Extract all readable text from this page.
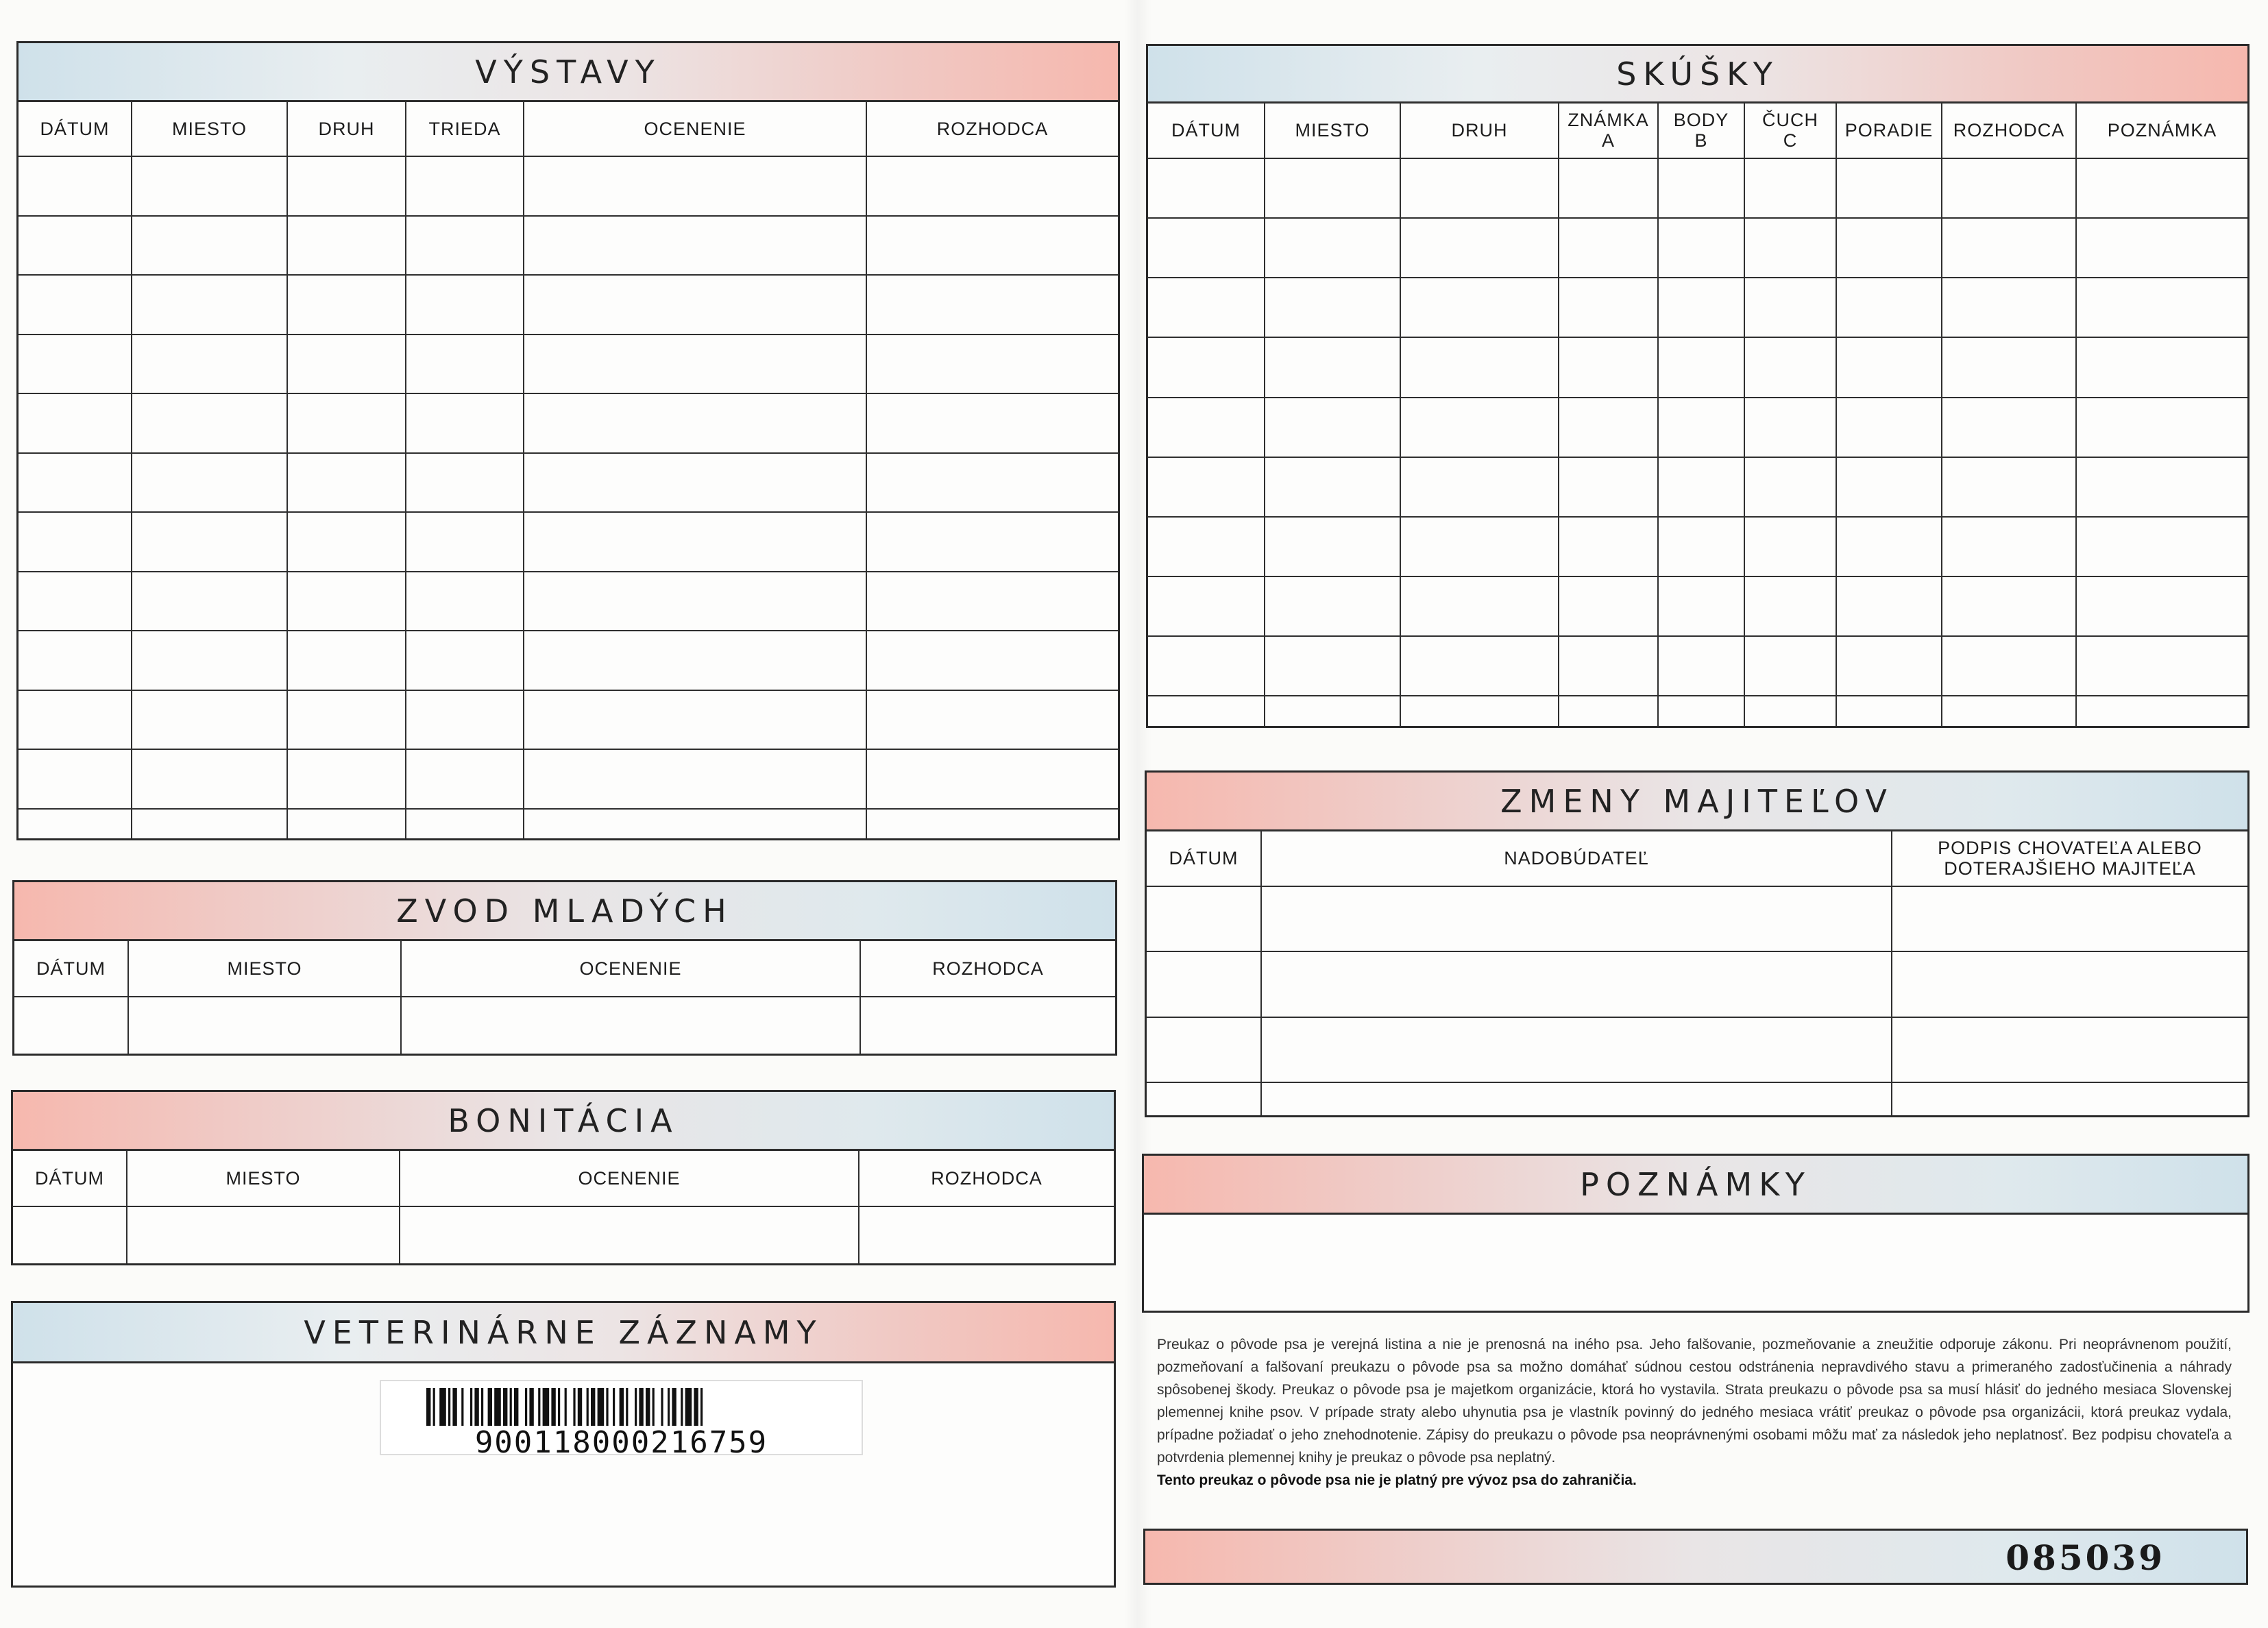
VÝSTAVY
DÁTUM	MIESTO	DRUH	TRIEDA	OCENENIE	ROZHODCA

SKÚŠKY
DÁTUM	MIESTO	DRUH	ZNÁMKA A	BODY B	ČUCH C	PORADIE	ROZHODCA	POZNÁMKA

ZVOD MLADÝCH
DÁTUM	MIESTO	OCENENIE	ROZHODCA

BONITÁCIA
DÁTUM	MIESTO	OCENENIE	ROZHODCA

VETERINÁRNE ZÁZNAMY
900118000216759
ZMENY MAJITEĽOV
DÁTUM	NADOBÚDATEĽ	PODPIS CHOVATEĽA ALEBO DOTERAJŠIEHO MAJITEĽA

POZNÁMKY
Preukaz o pôvode psa je verejná listina a nie je prenosná na iného psa. Jeho falšovanie, pozmeňovanie a zneužitie odporuje zákonu. Pri neoprávnenom použití, pozmeňovaní a falšovaní preukazu o pôvode psa sa možno domáhať súdnou cestou odstránenia nepravdivého stavu a primeraného zadosťučinenia a náhrady spôsobenej škody. Preukaz o pôvode psa je majetkom organizácie, ktorá ho vystavila. Strata preukazu o pôvode psa sa musí hlásiť do jedného mesiaca Slovenskej plemennej knihe psov. V prípade straty alebo uhynutia psa je vlastník povinný do jedného mesiaca vrátiť preukaz o pôvode psa organizácii, ktorá preukaz vydala, prípadne požiadať o jeho znehodnotenie. Zápisy do preukazu o pôvode psa neoprávnenými osobami môžu mať za následok jeho neplatnosť. Bez podpisu chovateľa a potvrdenia plemennej knihy je preukaz o pôvode psa neplatný.
Tento preukaz o pôvode psa nie je platný pre vývoz psa do zahraničia.
085039
